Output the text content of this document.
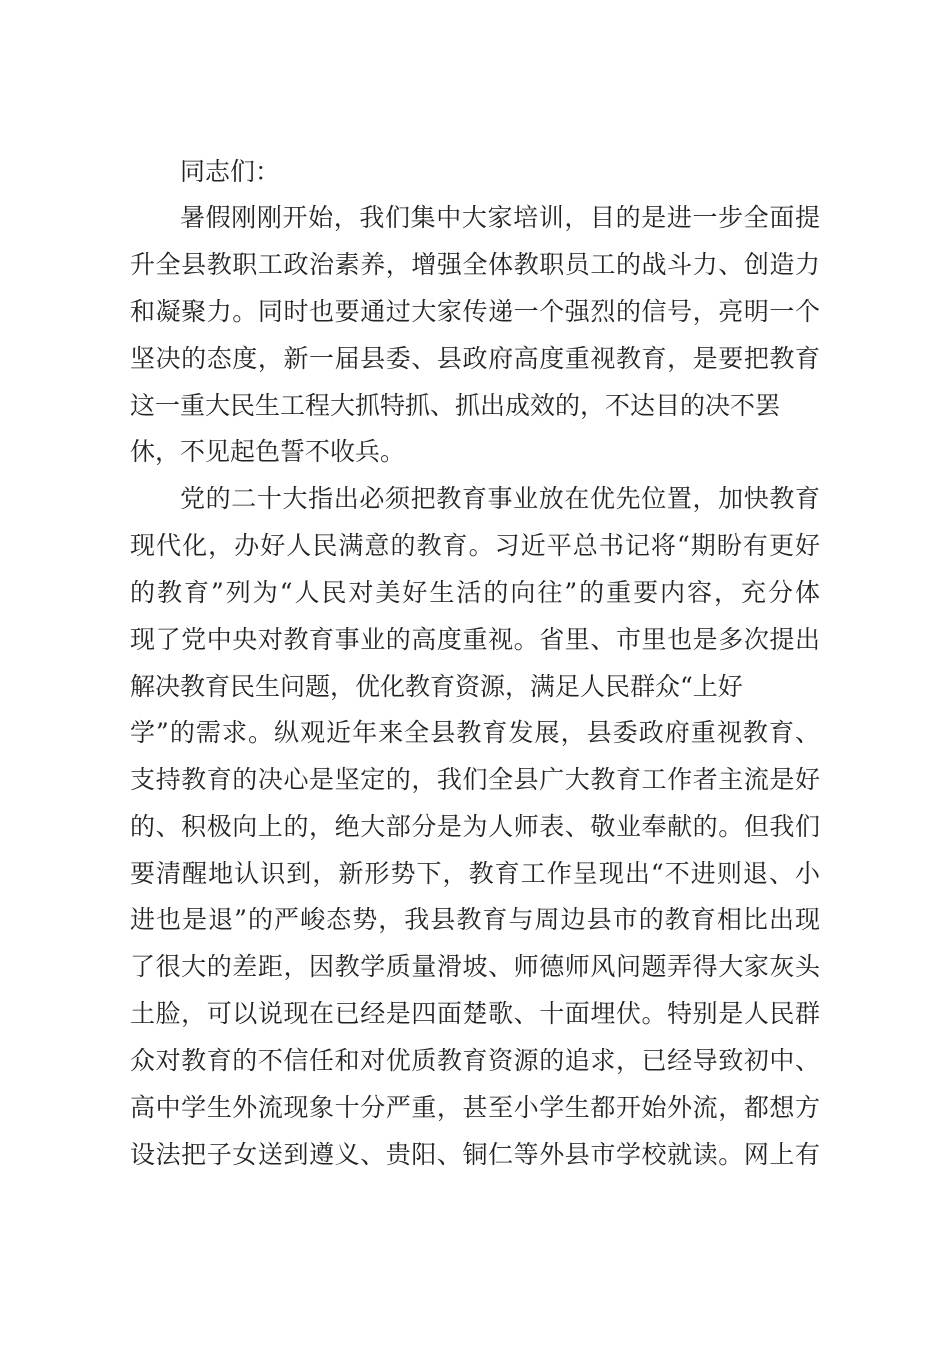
同志们：
暑假刚刚开始，我们集中大家培训，目的是进一步全面提
升全县教职工政治素养，增强全体教职员工的战斗力、创造力
和凝聚力。同时也要通过大家传递一个强烈的信号，亮明一个
坚决的态度，新一届县委、县政府高度重视教育，是要把教育
这一重大民生工程大抓特抓、抓出成效的，不达目的决不罢
休，不见起色誓不收兵。
党的二十大指出必须把教育事业放在优先位置，加快教育
现代化，办好人民满意的教育。习近平总书记将“期盼有更好
的教育”列为“人民对美好生活的向往”的重要内容，充分体
现了党中央对教育事业的高度重视。省里、市里也是多次提出
解决教育民生问题，优化教育资源，满足人民群众“上好
学”的需求。纵观近年来全县教育发展，县委政府重视教育、
支持教育的决心是坚定的，我们全县广大教育工作者主流是好
的、积极向上的，绝大部分是为人师表、敬业奉献的。但我们
要清醒地认识到，新形势下，教育工作呈现出“不进则退、小
进也是退”的严峻态势，我县教育与周边县市的教育相比出现
了很大的差距，因教学质量滑坡、师德师风问题弄得大家灰头
土脸，可以说现在已经是四面楚歌、十面埋伏。特别是人民群
众对教育的不信任和对优质教育资源的追求，已经导致初中、
高中学生外流现象十分严重，甚至小学生都开始外流，都想方
设法把子女送到遵义、贵阳、铜仁等外县市学校就读。网上有
